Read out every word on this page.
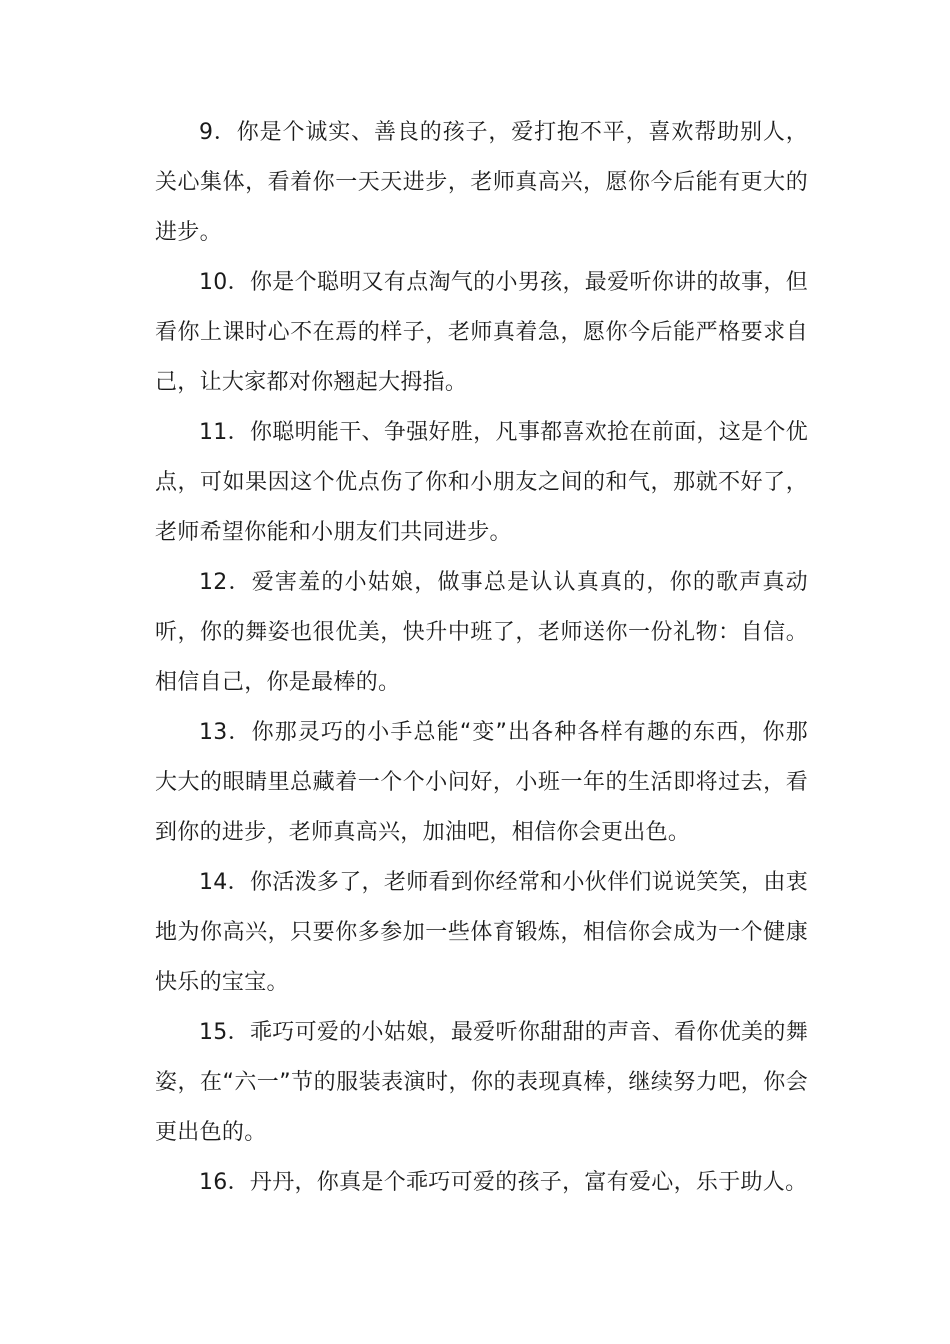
9．你是个诚实、善良的孩子，爱打抱不平，喜欢帮助别人，关心集体，看着你一天天进步，老师真高兴，愿你今后能有更大的进步。

10．你是个聪明又有点淘气的小男孩，最爱听你讲的故事，但看你上课时心不在焉的样子，老师真着急，愿你今后能严格要求自己，让大家都对你翘起大拇指。

11．你聪明能干、争强好胜，凡事都喜欢抢在前面，这是个优点，可如果因这个优点伤了你和小朋友之间的和气，那就不好了，老师希望你能和小朋友们共同进步。

12．爱害羞的小姑娘，做事总是认认真真的，你的歌声真动听，你的舞姿也很优美，快升中班了，老师送你一份礼物：自信。相信自己，你是最棒的。

13．你那灵巧的小手总能“变”出各种各样有趣的东西，你那大大的眼睛里总藏着一个个小问好，小班一年的生活即将过去，看到你的进步，老师真高兴，加油吧，相信你会更出色。

14．你活泼多了，老师看到你经常和小伙伴们说说笑笑，由衷地为你高兴，只要你多参加一些体育锻炼，相信你会成为一个健康快乐的宝宝。

15．乖巧可爱的小姑娘，最爱听你甜甜的声音、看你优美的舞姿，在“六一”节的服装表演时，你的表现真棒，继续努力吧，你会更出色的。

16．丹丹，你真是个乖巧可爱的孩子，富有爱心，乐于助人。
